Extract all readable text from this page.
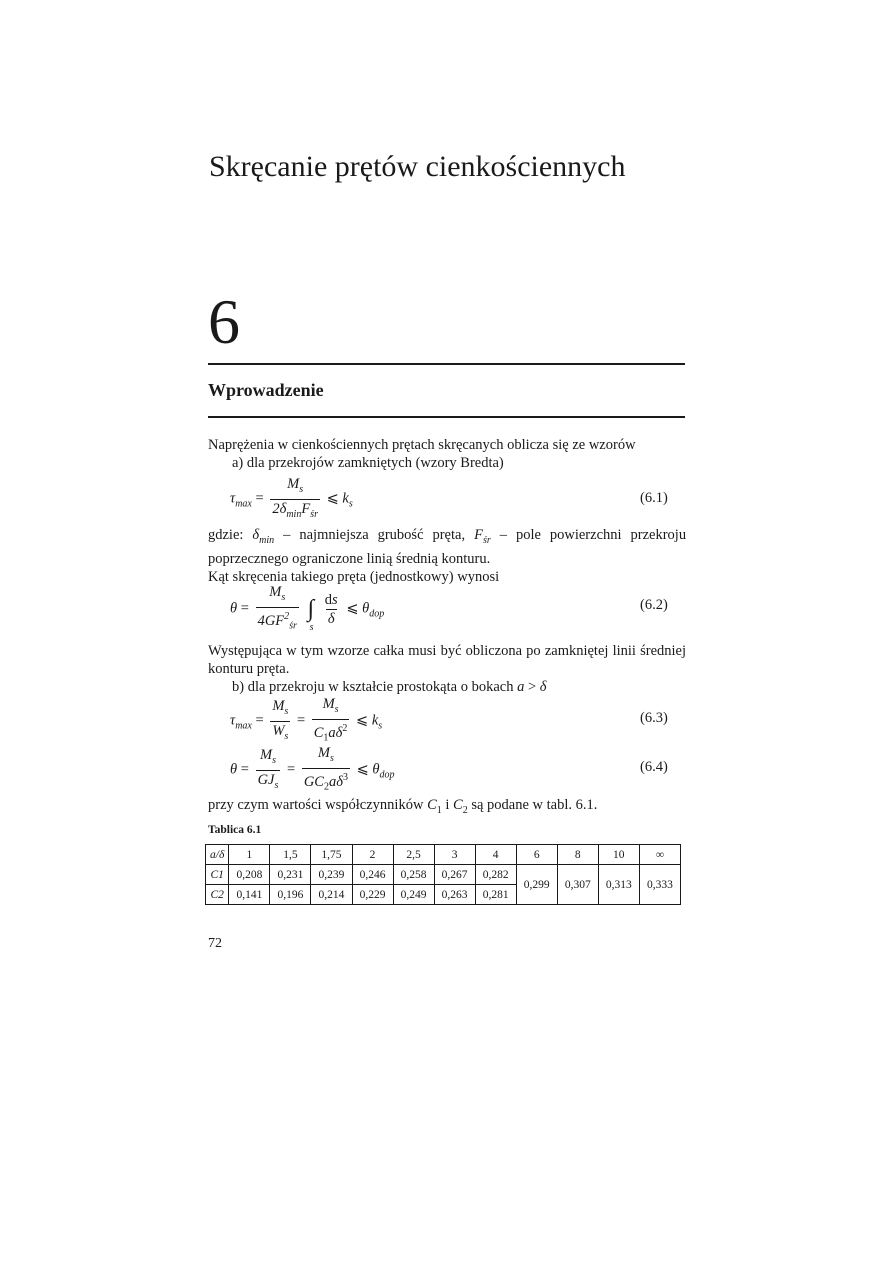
Skręcanie prętów cienkościennych
6
Wprowadzenie
Naprężenia w cienkościennych prętach skręcanych oblicza się ze wzorów
a) dla przekrojów zamkniętych (wzory Bredta)
$\tau_{max} = \frac{M_s}{2\delta_{min}F_{śr}}$ ⩽ $k_s$	(6.1)
gdzie: $\delta_{min}$ – najmniejsza grubość pręta, $F_{śr}$ – pole powierzchni przekroju poprzecznego ograniczone linią średnią konturu.
Kąt skręcenia takiego pręta (jednostkowy) wynosi
$\theta = \frac{M_s}{4GF^2_{śr}}$ ∫
s

$\frac{ds}{\delta}$ ⩽ $\theta_{dop}$
(6.2)
Występująca w tym wzorze całka musi być obliczona po zamkniętej linii średniej konturu pręta.
b) dla przekroju w kształcie prostokąta o bokach a > δ
$\tau_{max} = \frac{M_s}{W_s} = \frac{M_s}{C_1a\delta^2}$ ⩽ $k_s$
(6.3)
$\theta = \frac{M_s}{GJ_s} = \frac{M_s}{GC_2a\delta^3}$ ⩽ $\theta_{dop}$
(6.4)
przy czym wartości współczynników $C_1$ i $C_2$ są podane w tabl. 6.1.
Tablica 6.1
a/δ	1	1,5	1,75	2	2,5	3	4	6	8	10	∞
C1	0,208	0,231	0,239	0,246	0,258	0,267	0,282	0,299	0,307	0,313	0,333
C2	0,141	0,196	0,214	0,229	0,249	0,263	0,281				
72
